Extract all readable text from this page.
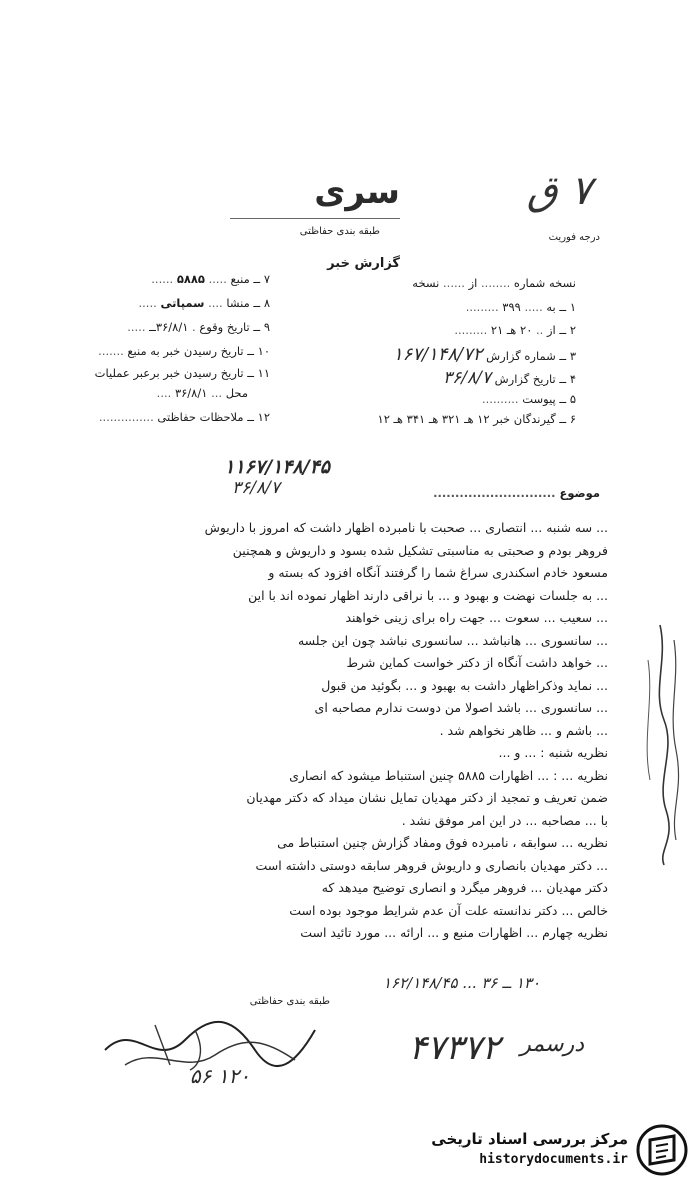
۷ ق
درجه فوریت
سری
طبقه بندی حفاظتی
گزارش خبر
نسخه شماره ........ از ...... نسخه
۱ ــ به ..... ۳۹۹ .........
۲ ــ از .. ۲۰ هـ ۲۱ .........
۳ ــ شماره گزارش ۱۶۷/۱۴۸/۷۲
۴ ــ تاریخ گزارش ۳۶/۸/۷
۵ ــ پیوست ..........
۶ ــ گیرندگان خبر ۱۲ هـ ۳۲۱ هـ ۳۴۱ هـ ۱۲
۷ ــ منبع ..... ۵۸۸۵ ......
۸ ــ منشا .... سمپاتی .....
۹ ــ تاریخ وقوع . ۳۶/۸/۱ــ .....
۱۰ ــ تاریخ رسیدن خبر به منبع .......
۱۱ ــ تاریخ رسیدن خبر برعبر عملیات
محل ... ۳۶/۸/۱ ....
۱۲ ــ ملاحظات حفاظتی ...............
۱۱۶۷/۱۴۸/۴۵
۳۶/۸/۷	موضوع ............................
... سه شنبه ... انتصاری ... صحبت با نامبرده اظهار داشت که امروز با داریوش
فروهر بودم و صحبتی به مناسبتی تشکیل شده بسود و داریوش و همچنین
مسعود خادم اسکندری سراغ شما را گرفتند آنگاه افزود که بسته و
... به جلسات نهضت و بهبود و ... با نراقی دارند اظهار نموده اند با این
... سعیب ... سعوت ... جهت راه برای زینی خواهند
... سانسوری ... هانباشد ... سانسوری نباشد چون این جلسه
... خواهد داشت آنگاه از دکتر خواست کماین شرط
... نماید وذکراظهار داشت به بهبود و ... بگوئید من قبول
... سانسوری ... باشد اصولا من دوست ندارم مصاحبه ای
... باشم و ... ظاهر نخواهم شد .
نظریه شنبه : ... و ...
نظریه ... : ... اظهارات ۵۸۸۵ چنین استنباط میشود که انصاری
ضمن تعریف و تمجید از دکتر مهدیان تمایل نشان میداد که دکتر مهدیان
با ... مصاحبه ... در این امر موفق نشد .
نظریه ... سوابقه ، نامبرده فوق ومفاد گزارش چنین استنباط می
... دکتر مهدیان بانصاری و داریوش فروهر سابقه دوستی داشته است
دکتر مهدیان ... فروهر میگرد و انصاری توضیح میدهد که
خالص ... دکتر ندانسته علت آن عدم شرایط موجود بوده است
نظریه چهارم ... اظهارات منبع و ... ارائه ... مورد تائید است
۱۳۰ ــ ۳۶ ... ۱۶۲/۱۴۸/۴۵
طبقه بندی حفاظتی
۴۷۳۷۲ درسمر
۱۲۰ ۵۶
مرکز بررسی اسناد تاریخی
historydocuments.ir
